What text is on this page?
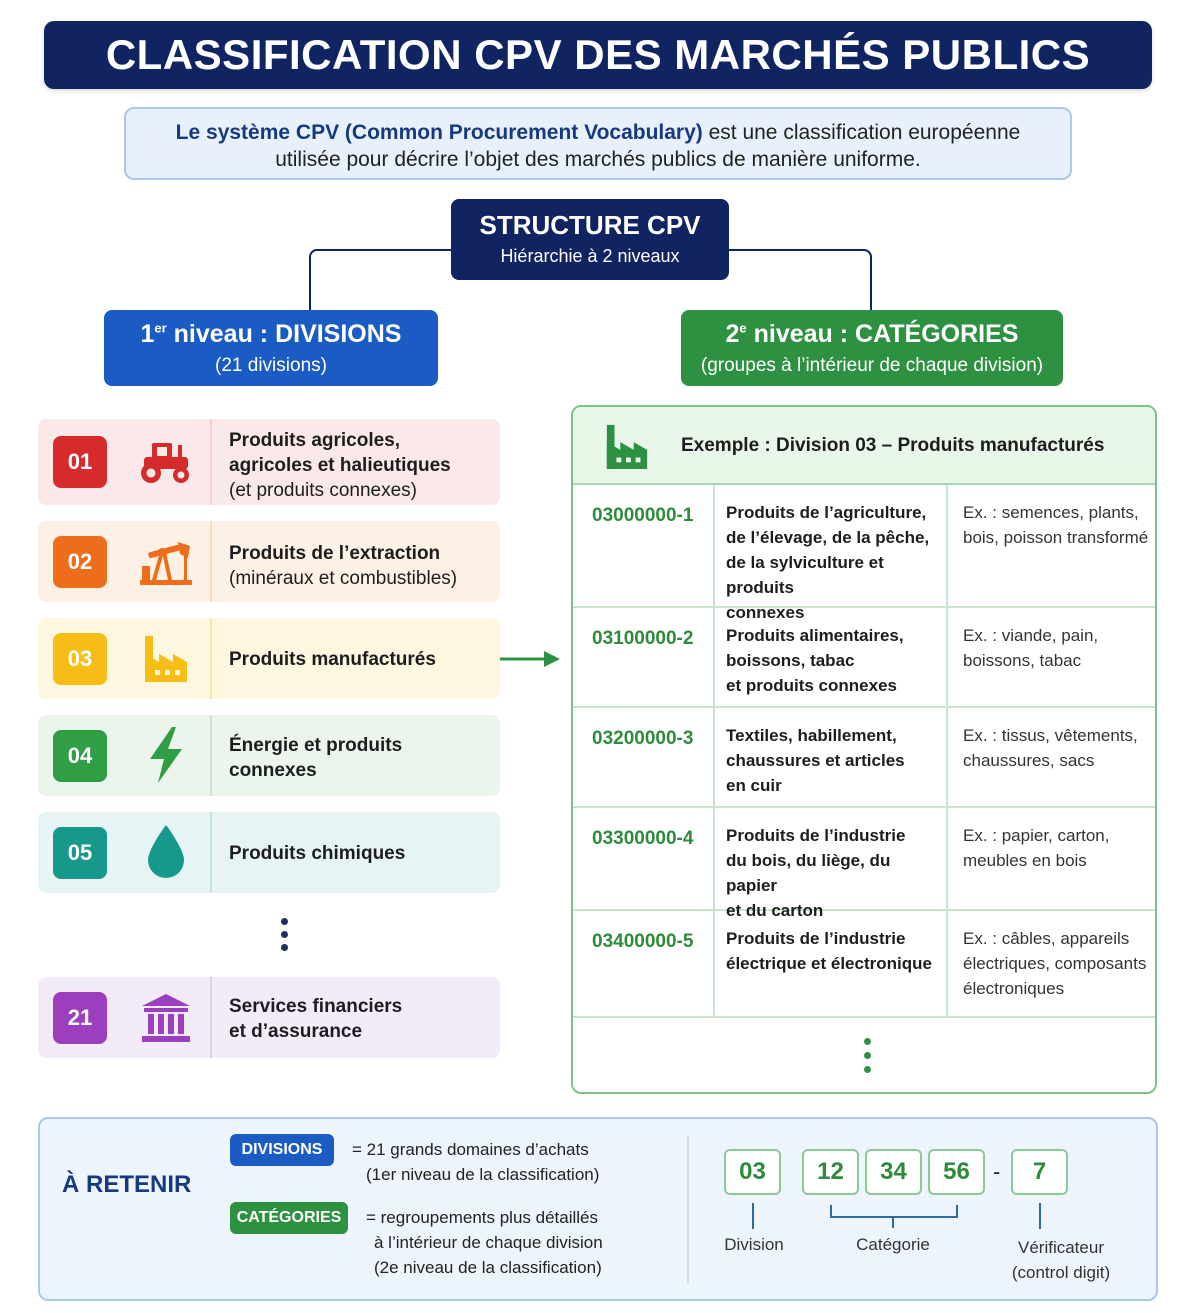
CLASSIFICATION CPV DES MARCHÉS PUBLICS
Le système CPV (Common Procurement Vocabulary) est une classification européenne
utilisée pour décrire l’objet des marchés publics de manière uniforme.
STRUCTURE CPV
Hiérarchie à 2 niveaux
1er niveau : DIVISIONS
(21 divisions)
2e niveau : CATÉGORIES
(groupes à l’intérieur de chaque division)
01
Produits agricoles,
agricoles et halieutiques
(et produits connexes)
02	Produits de l’extraction
(minéraux et combustibles)
03	Produits manufacturés
04	Énergie et produits
connexes
05	Produits chimiques
21	Services financiers
et d’assurance
Exemple : Division 03 – Produits manufacturés
03000000-1 Produits de l’agriculture,
de l’élevage, de la pêche,
de la sylviculture et produits
connexes
Ex. : semences, plants,
bois, poisson transformé
03100000-2 Produits alimentaires,
boissons, tabac
et produits connexes
Ex. : viande, pain,
boissons, tabac
03200000-3 Textiles, habillement,
chaussures et articles
en cuir
Ex. : tissus, vêtements,
chaussures, sacs
03300000-4 Produits de l’industrie
du bois, du liège, du papier
et du carton
Ex. : papier, carton,
meubles en bois
03400000-5 Produits de l’industrie
électrique et électronique
Ex. : câbles, appareils
électriques, composants
électroniques
À RETENIR
DIVISIONS	= 21 grands domaines d’achats
(1er niveau de la classification)
CATÉGORIES	= regroupements plus détaillés
à l’intérieur de chaque division
(2e niveau de la classification)
03	12	34	56	-	7
Division	Catégorie	Vérificateur
(control digit)
